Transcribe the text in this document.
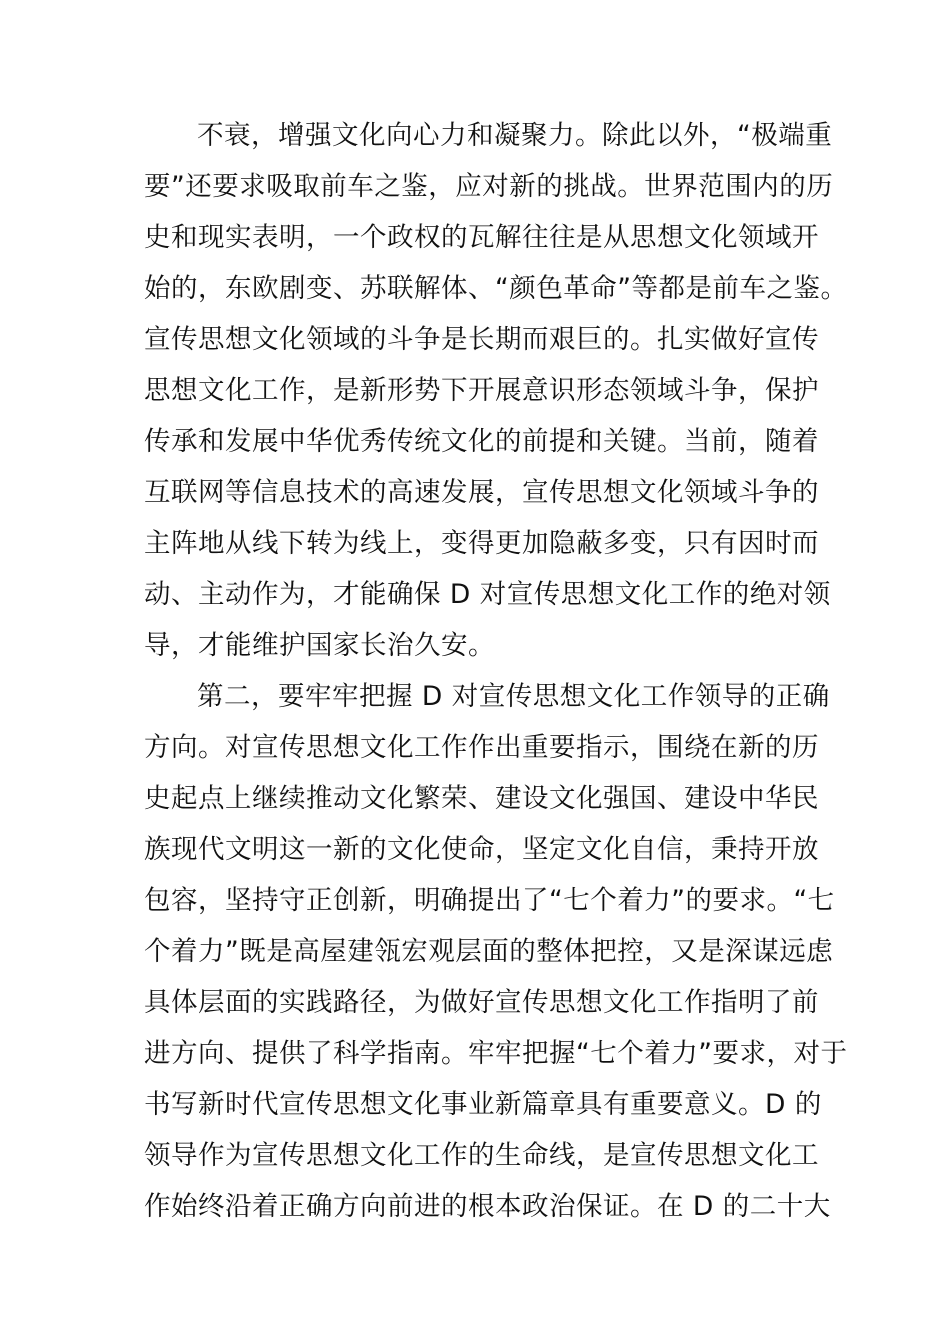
不衰，增强文化向心力和凝聚力。除此以外，“极端重
要”还要求吸取前车之鉴，应对新的挑战。世界范围内的历
史和现实表明，一个政权的瓦解往往是从思想文化领域开
始的，东欧剧变、苏联解体、“颜色革命”等都是前车之鉴。
宣传思想文化领域的斗争是长期而艰巨的。扎实做好宣传
思想文化工作，是新形势下开展意识形态领域斗争，保护
传承和发展中华优秀传统文化的前提和关键。当前，随着
互联网等信息技术的高速发展，宣传思想文化领域斗争的
主阵地从线下转为线上，变得更加隐蔽多变，只有因时而
动、主动作为，才能确保 D 对宣传思想文化工作的绝对领
导，才能维护国家长治久安。
第二，要牢牢把握 D 对宣传思想文化工作领导的正确
方向。对宣传思想文化工作作出重要指示，围绕在新的历
史起点上继续推动文化繁荣、建设文化强国、建设中华民
族现代文明这一新的文化使命，坚定文化自信，秉持开放
包容，坚持守正创新，明确提出了“七个着力”的要求。“七
个着力”既是高屋建瓴宏观层面的整体把控，又是深谋远虑
具体层面的实践路径，为做好宣传思想文化工作指明了前
进方向、提供了科学指南。牢牢把握“七个着力”要求，对于
书写新时代宣传思想文化事业新篇章具有重要意义。D 的
领导作为宣传思想文化工作的生命线，是宣传思想文化工
作始终沿着正确方向前进的根本政治保证。在 D 的二十大
